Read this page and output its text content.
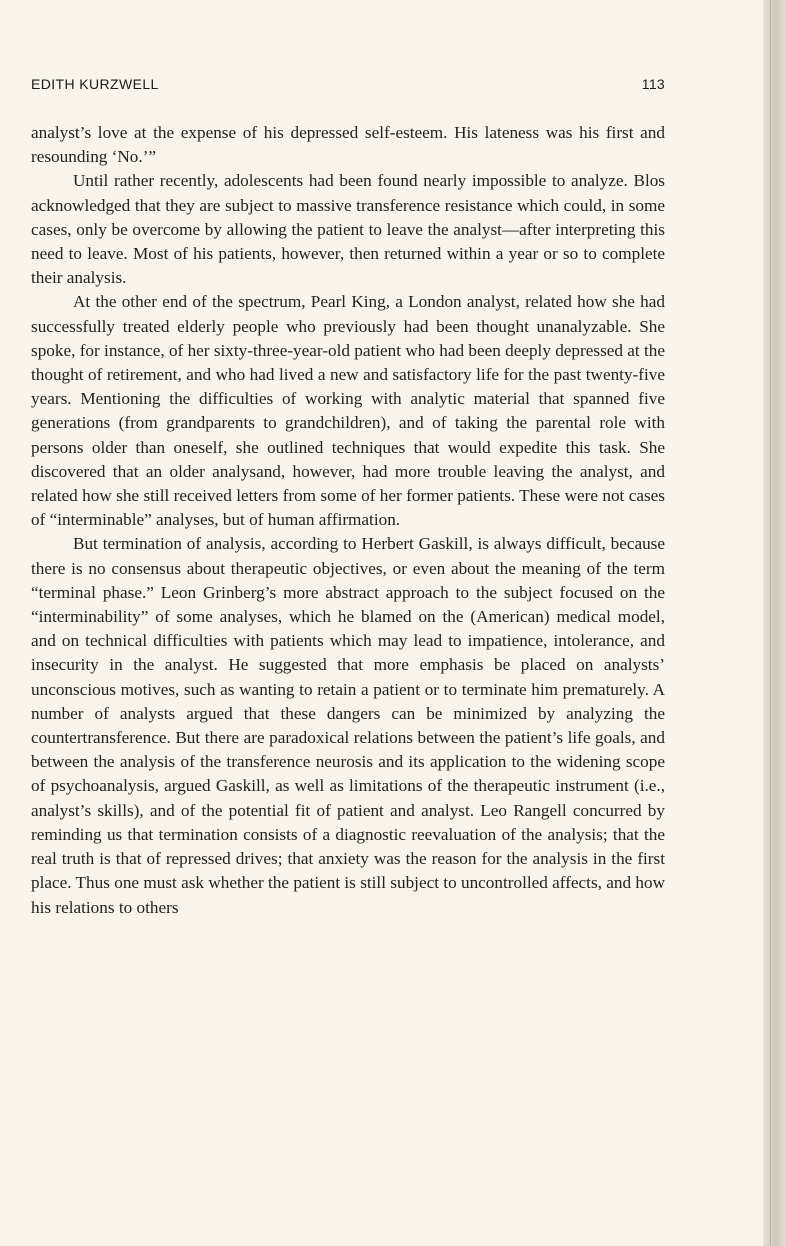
EDITH KURZWELL	113

analyst’s love at the expense of his depressed self-esteem. His lateness was his first and resounding ‘No.’”

Until rather recently, adolescents had been found nearly impossible to analyze. Blos acknowledged that they are subject to massive transference resistance which could, in some cases, only be overcome by allowing the patient to leave the analyst—after interpreting this need to leave. Most of his patients, however, then returned within a year or so to complete their analysis.

At the other end of the spectrum, Pearl King, a London analyst, related how she had successfully treated elderly people who previously had been thought unanalyzable. She spoke, for instance, of her sixty-three-year-old patient who had been deeply depressed at the thought of retirement, and who had lived a new and satisfactory life for the past twenty-five years. Mentioning the difficulties of working with analytic material that spanned five generations (from grandparents to grandchildren), and of taking the parental role with persons older than oneself, she outlined techniques that would expedite this task. She discovered that an older analysand, however, had more trouble leaving the analyst, and related how she still received letters from some of her former patients. These were not cases of “interminable” analyses, but of human affirmation.

But termination of analysis, according to Herbert Gaskill, is always difficult, because there is no consensus about therapeutic objectives, or even about the meaning of the term “terminal phase.” Leon Grinberg’s more abstract approach to the subject focused on the “interminability” of some analyses, which he blamed on the (American) medical model, and on technical difficulties with patients which may lead to impatience, intolerance, and insecurity in the analyst. He suggested that more emphasis be placed on analysts’ unconscious motives, such as wanting to retain a patient or to terminate him prematurely. A number of analysts argued that these dangers can be minimized by analyzing the countertransference. But there are paradoxical relations between the patient’s life goals, and between the analysis of the transference neurosis and its application to the widening scope of psychoanalysis, argued Gaskill, as well as limitations of the therapeutic instrument (i.e., analyst’s skills), and of the potential fit of patient and analyst. Leo Rangell concurred by reminding us that termination consists of a diagnostic reevaluation of the analysis; that the real truth is that of repressed drives; that anxiety was the reason for the analysis in the first place. Thus one must ask whether the patient is still subject to uncontrolled affects, and how his relations to others
